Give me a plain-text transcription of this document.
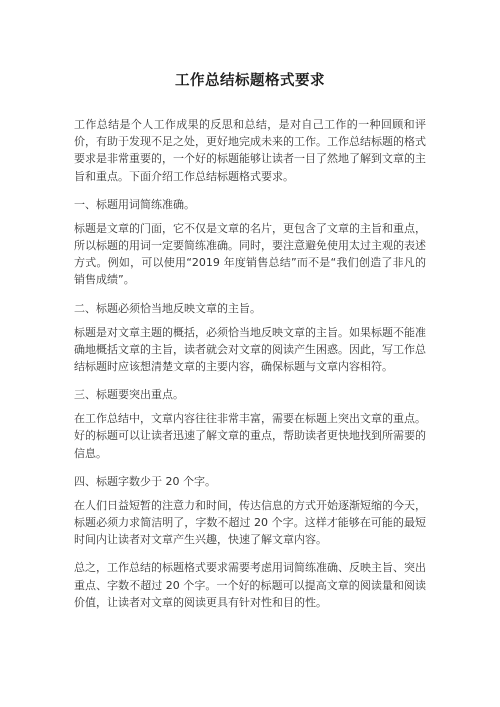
工作总结标题格式要求

工作总结是个人工作成果的反思和总结，是对自己工作的一种回顾和评价，有助于发现不足之处，更好地完成未来的工作。工作总结标题的格式要求是非常重要的，一个好的标题能够让读者一目了然地了解到文章的主旨和重点。下面介绍工作总结标题格式要求。

一、标题用词简练准确。

标题是文章的门面，它不仅是文章的名片，更包含了文章的主旨和重点，所以标题的用词一定要简练准确。同时，要注意避免使用太过主观的表述方式。例如，可以使用“2019 年度销售总结”而不是“我们创造了非凡的销售成绩”。

二、标题必须恰当地反映文章的主旨。

标题是对文章主题的概括，必须恰当地反映文章的主旨。如果标题不能准确地概括文章的主旨，读者就会对文章的阅读产生困惑。因此，写工作总结标题时应该想清楚文章的主要内容，确保标题与文章内容相符。

三、标题要突出重点。

在工作总结中，文章内容往往非常丰富，需要在标题上突出文章的重点。好的标题可以让读者迅速了解文章的重点，帮助读者更快地找到所需要的信息。

四、标题字数少于 20 个字。

在人们日益短暂的注意力和时间，传达信息的方式开始逐渐短缩的今天，标题必须力求简洁明了，字数不超过 20 个字。这样才能够在可能的最短时间内让读者对文章产生兴趣，快速了解文章内容。

总之，工作总结的标题格式要求需要考虑用词简练准确、反映主旨、突出重点、字数不超过 20 个字。一个好的标题可以提高文章的阅读量和阅读价值，让读者对文章的阅读更具有针对性和目的性。
